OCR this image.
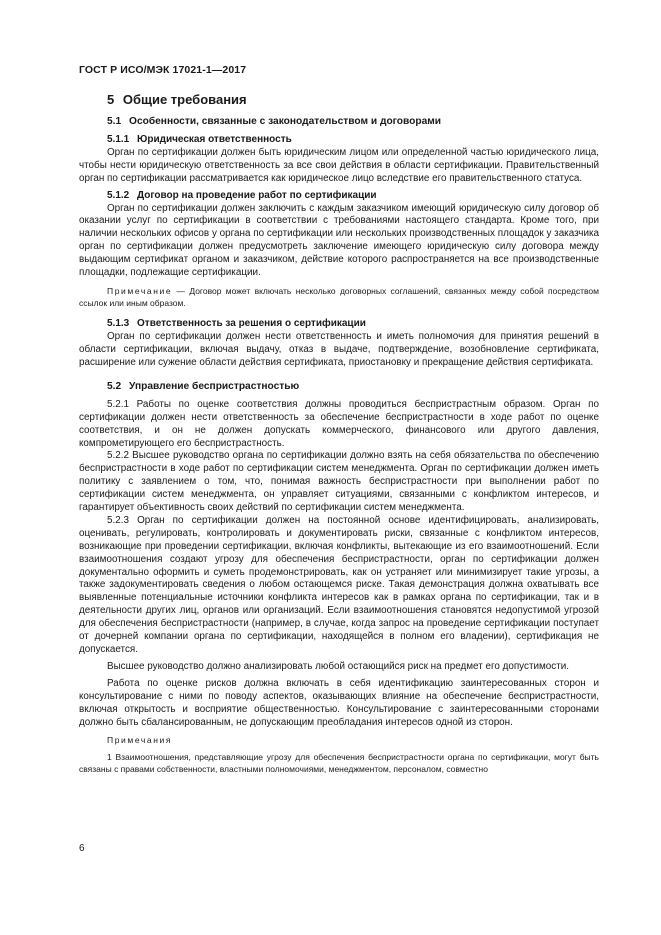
ГОСТ Р ИСО/МЭК 17021-1—2017
5 Общие требования
5.1 Особенности, связанные с законодательством и договорами
5.1.1 Юридическая ответственность

Орган по сертификации должен быть юридическим лицом или определенной частью юридического лица, чтобы нести юридическую ответственность за все свои действия в области сертификации. Правительственный орган по сертификации рассматривается как юридическое лицо вследствие его правительственного статуса.

5.1.2 Договор на проведение работ по сертификации

Орган по сертификации должен заключить с каждым заказчиком имеющий юридическую силу договор об оказании услуг по сертификации в соответствии с требованиями настоящего стандарта. Кроме того, при наличии нескольких офисов у органа по сертификации или нескольких производственных площадок у заказчика орган по сертификации должен предусмотреть заключение имеющего юридическую силу договора между выдающим сертификат органом и заказчиком, действие которого распространяется на все производственные площадки, подлежащие сертификации.

Примечание — Договор может включать несколько договорных соглашений, связанных между собой посредством ссылок или иным образом.
5.1.3 Ответственность за решения о сертификации

Орган по сертификации должен нести ответственность и иметь полномочия для принятия решений в области сертификации, включая выдачу, отказ в выдаче, подтверждение, возобновление сертификата, расширение или сужение области действия сертификата, приостановку и прекращение действия сертификата.

5.2 Управление беспристрастностью

5.2.1 Работы по оценке соответствия должны проводиться беспристрастным образом. Орган по сертификации должен нести ответственность за обеспечение беспристрастности в ходе работ по оценке соответствия, и он не должен допускать коммерческого, финансового или другого давления, компрометирующего его беспристрастность.

5.2.2 Высшее руководство органа по сертификации должно взять на себя обязательства по обеспечению беспристрастности в ходе работ по сертификации систем менеджмента. Орган по сертификации должен иметь политику с заявлением о том, что, понимая важность беспристрастности при выполнении работ по сертификации систем менеджмента, он управляет ситуациями, связанными с конфликтом интересов, и гарантирует объективность своих действий по сертификации систем менеджмента.

5.2.3 Орган по сертификации должен на постоянной основе идентифицировать, анализировать, оценивать, регулировать, контролировать и документировать риски, связанные с конфликтом интересов, возникающие при проведении сертификации, включая конфликты, вытекающие из его взаимоотношений. Если взаимоотношения создают угрозу для обеспечения беспристрастности, орган по сертификации должен документально оформить и суметь продемонстрировать, как он устраняет или минимизирует такие угрозы, а также задокументировать сведения о любом остающемся риске. Такая демонстрация должна охватывать все выявленные потенциальные источники конфликта интересов как в рамках органа по сертификации, так и в деятельности других лиц, органов или организаций. Если взаимоотношения становятся недопустимой угрозой для обеспечения беспристрастности (например, в случае, когда запрос на проведение сертификации поступает от дочерней компании органа по сертификации, находящейся в полном его владении), сертификация не допускается.

Высшее руководство должно анализировать любой остающийся риск на предмет его допустимости.

Работа по оценке рисков должна включать в себя идентификацию заинтересованных сторон и консультирование с ними по поводу аспектов, оказывающих влияние на обеспечение беспристрастности, включая открытость и восприятие общественностью. Консультирование с заинтересованными сторонами должно быть сбалансированным, не допускающим преобладания интересов одной из сторон.

Примечания
1 Взаимоотношения, представляющие угрозу для обеспечения беспристрастности органа по сертификации, могут быть связаны с правами собственности, властными полномочиями, менеджментом, персоналом, совместно
6
